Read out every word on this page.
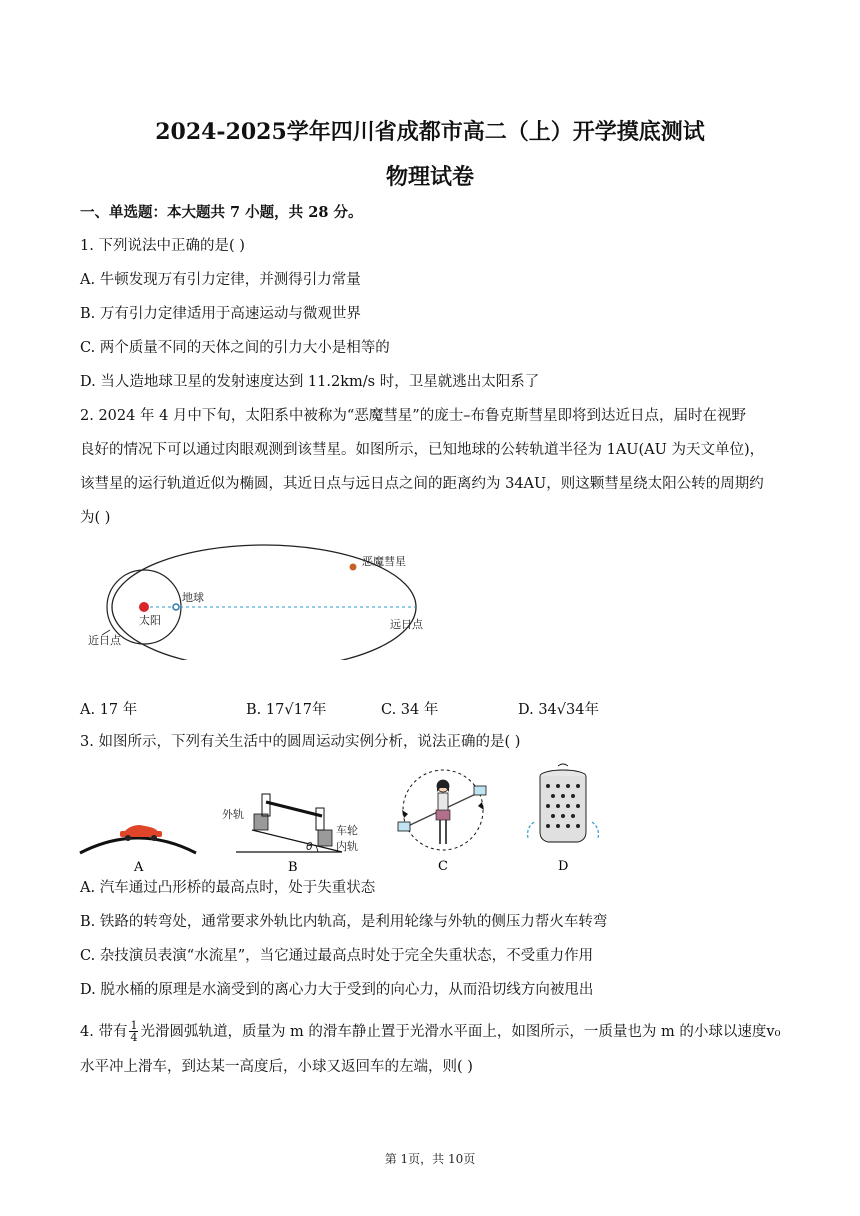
2024-2025学年四川省成都市高二（上）开学摸底测试
物理试卷
一、单选题：本大题共 7 小题，共 28 分。
1. 下列说法中正确的是( )
A. 牛顿发现万有引力定律，并测得引力常量
B. 万有引力定律适用于高速运动与微观世界
C. 两个质量不同的天体之间的引力大小是相等的
D. 当人造地球卫星的发射速度达到 11.2km/s 时，卫星就逃出太阳系了
2. 2024 年 4 月中下旬，太阳系中被称为“恶魔彗星”的庞士–布鲁克斯彗星即将到达近日点，届时在视野
良好的情况下可以通过肉眼观测到该彗星。如图所示，已知地球的公转轨道半径为 1AU(AU 为天文单位)，
该彗星的运行轨道近似为椭圆，其近日点与远日点之间的距离约为 34AU，则这颗彗星绕太阳公转的周期约
为( )
恶魔彗星
地球
远日点
太阳
近日点
A. 17 年	B. 17√17年	C. 34 年	D. 34√34年
3. 如图所示，下列有关生活中的圆周运动实例分析，说法正确的是( )
A
外轨
车轮
内轨
θ
B	C	D
A. 汽车通过凸形桥的最高点时，处于失重状态
B. 铁路的转弯处，通常要求外轨比内轨高，是利用轮缘与外轨的侧压力帮火车转弯
C. 杂技演员表演“水流星”，当它通过最高点时处于完全失重状态，不受重力作用
D. 脱水桶的原理是水滴受到的离心力大于受到的向心力，从而沿切线方向被甩出
4. 带有 $\frac{1}{4}$ 光滑圆弧轨道，质量为 m 的滑车静止置于光滑水平面上，如图所示，一质量也为 m 的小球以速度v₀
水平冲上滑车，到达某一高度后，小球又返回车的左端，则( )
第 1页，共 10页
